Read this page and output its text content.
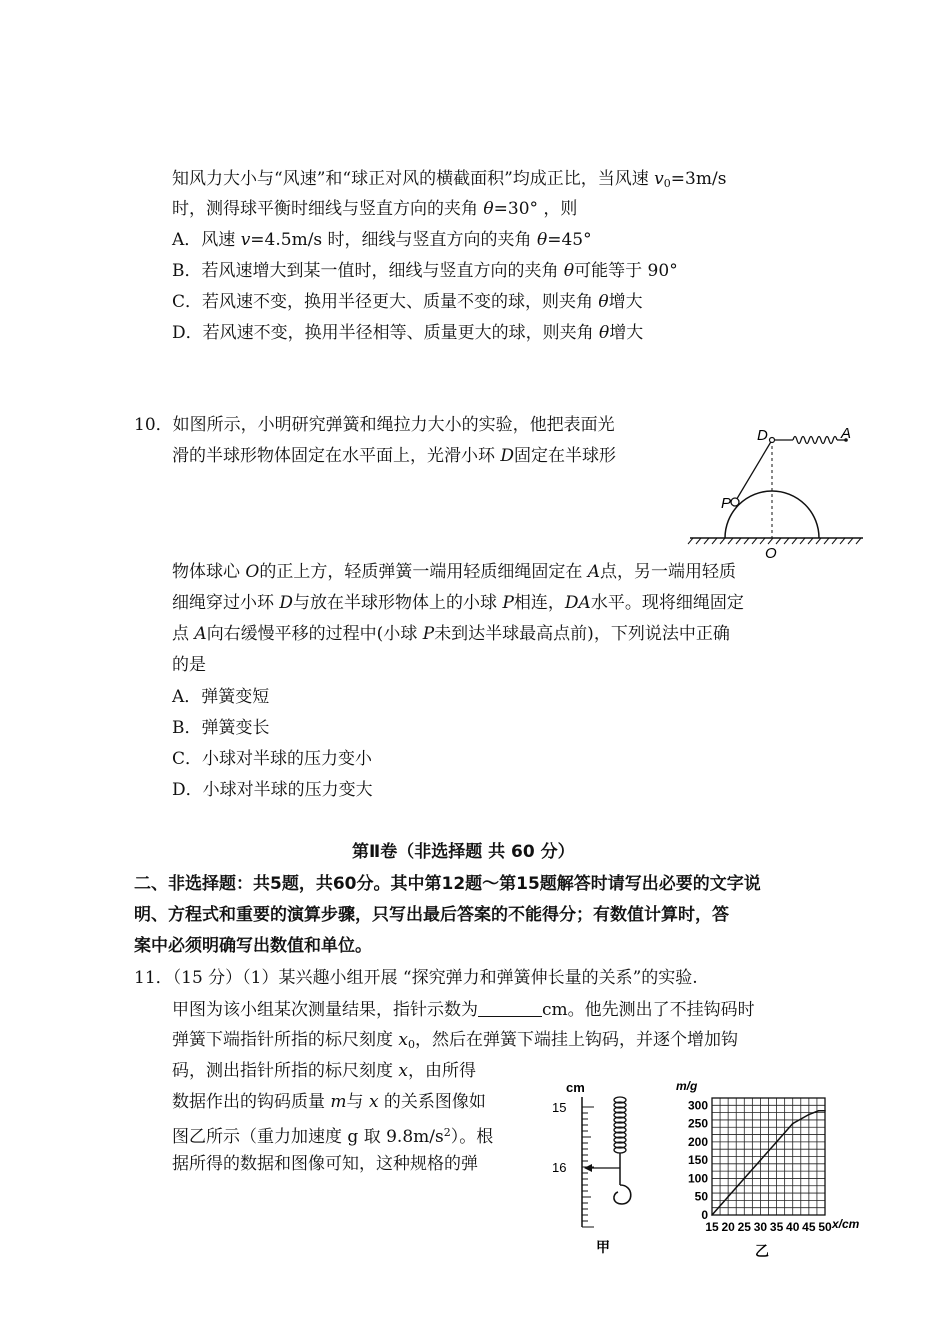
知风力大小与“风速”和“球正对风的横截面积”均成正比，当风速 $v_0=3m/s$
时，测得球平衡时细线与竖直方向的夹角 θ=30° ，则
A．风速 v=4.5m/s 时，细线与竖直方向的夹角 θ=45°
B．若风速增大到某一值时，细线与竖直方向的夹角 θ可能等于 90°
C．若风速不变，换用半径更大、质量不变的球，则夹角 θ增大
D．若风速不变，换用半径相等、质量更大的球，则夹角 θ增大
10．如图所示，小明研究弹簧和绳拉力大小的实验，他把表面光
滑的半球形物体固定在水平面上，光滑小环 D固定在半球形
D	A
P
O
物体球心 O的正上方，轻质弹簧一端用轻质细绳固定在 A点，另一端用轻质
细绳穿过小环 D与放在半球形物体上的小球 P相连，DA水平。现将细绳固定
点 A向右缓慢平移的过程中(小球 P未到达半球最高点前)，下列说法中正确
的是
A．弹簧变短
B．弹簧变长
C．小球对半球的压力变小
D．小球对半球的压力变大
第Ⅱ卷（非选择题 共 60 分）
二、非选择题：共5题，共60分。其中第12题～第15题解答时请写出必要的文字说
明、方程式和重要的演算步骤，只写出最后答案的不能得分；有数值计算时，答
案中必须明确写出数值和单位。
11．（15 分）（1）某兴趣小组开展 “探究弹力和弹簧伸长量的关系”的实验.
甲图为该小组某次测量结果，指针示数为	cm。他先测出了不挂钩码时
弹簧下端指针所指的标尺刻度 $x_0$，然后在弹簧下端挂上钩码，并逐个增加钩
码，测出指针所指的标尺刻度 x，由所得
数据作出的钩码质量 m与 x 的关系图像如
图乙所示（重力加速度 g 取 $9.8m/s^2$）。根
据所得的数据和图像可知，这种规格的弹
cm
15
16
甲
300
250
200
150
100
50
0
15 20 25 30 35 40 45 50
m/g
x/cm
乙
